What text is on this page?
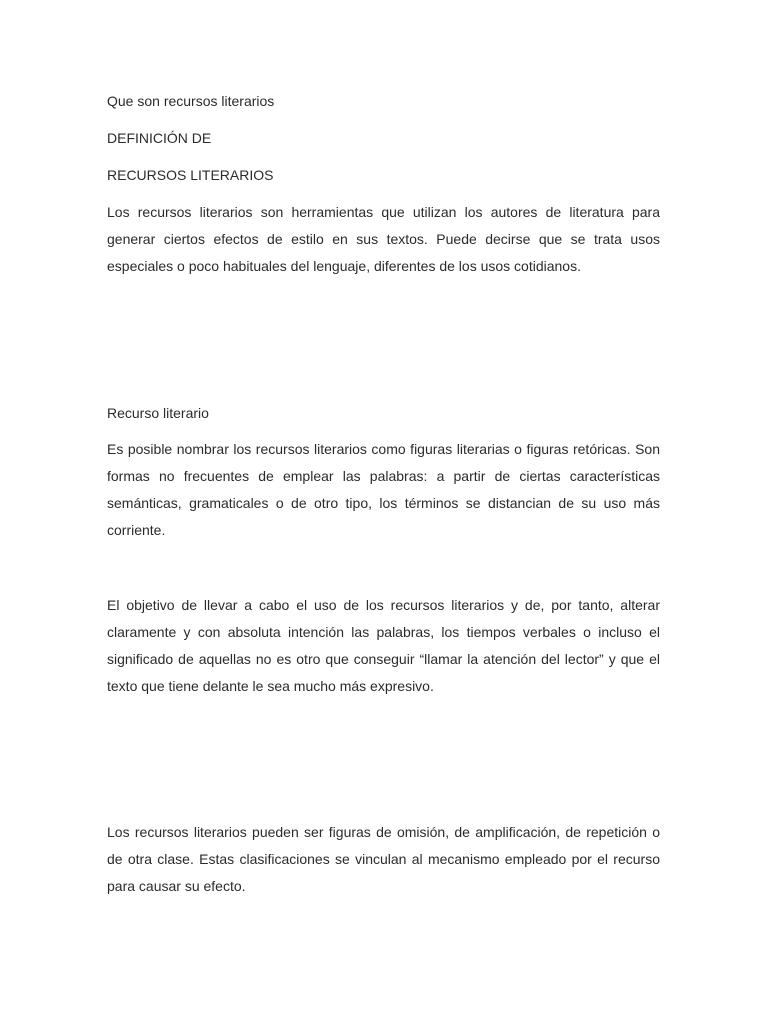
Que son recursos literarios

DEFINICIÓN DE

RECURSOS LITERARIOS

Los recursos literarios son herramientas que utilizan los autores de literatura para generar ciertos efectos de estilo en sus textos. Puede decirse que se trata usos especiales o poco habituales del lenguaje, diferentes de los usos cotidianos.

Recurso literario

Es posible nombrar los recursos literarios como figuras literarias o figuras retóricas. Son formas no frecuentes de emplear las palabras: a partir de ciertas características semánticas, gramaticales o de otro tipo, los términos se distancian de su uso más corriente.

El objetivo de llevar a cabo el uso de los recursos literarios y de, por tanto, alterar claramente y con absoluta intención las palabras, los tiempos verbales o incluso el significado de aquellas no es otro que conseguir “llamar la atención del lector” y que el texto que tiene delante le sea mucho más expresivo.

Los recursos literarios pueden ser figuras de omisión, de amplificación, de repetición o de otra clase. Estas clasificaciones se vinculan al mecanismo empleado por el recurso para causar su efecto.
